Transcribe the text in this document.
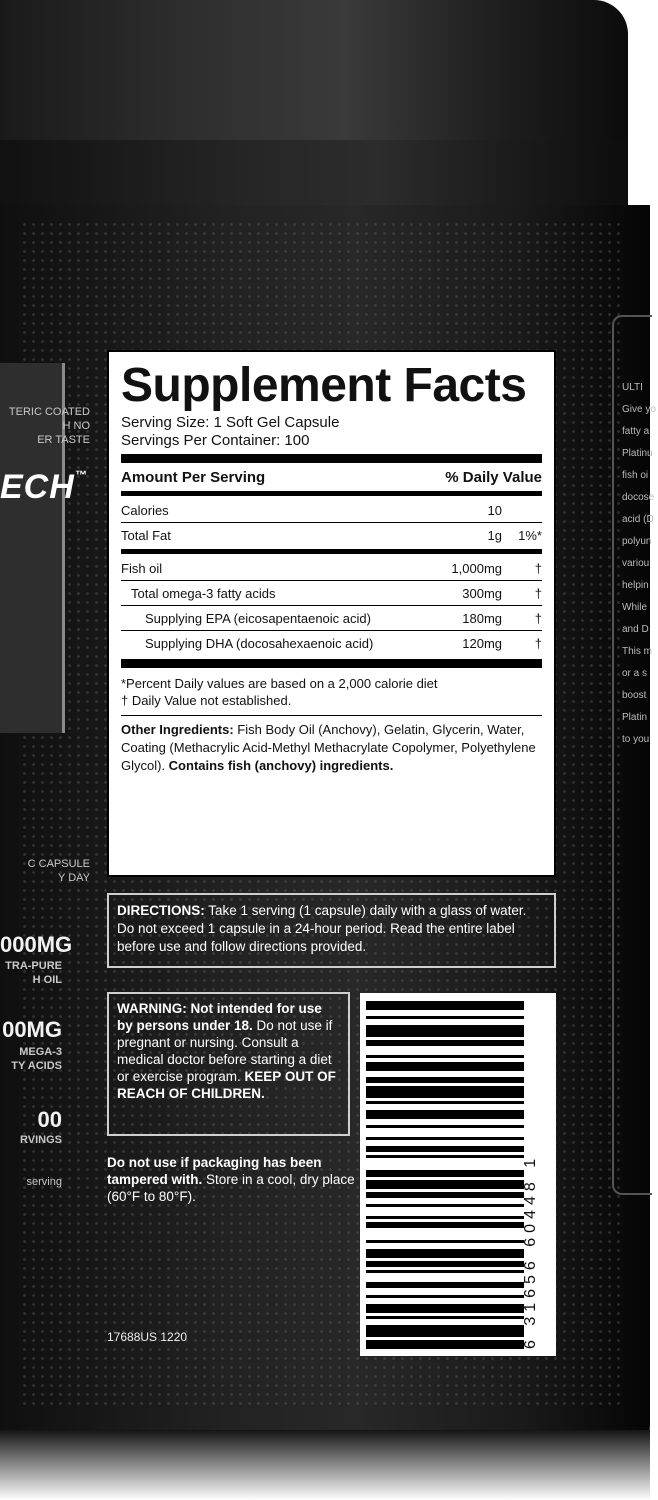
ECH™
TERIC COATED
H NO
ER TASTE
C CAPSULE
Y DAY
000MG
TRA-PURE
H OIL
00MG
MEGA-3
TY ACIDS
00
RVINGS
serving
ULTI
Give yo
fatty a
Platinu
fish oi
docose
acid (D
polyun
variou
helpin
While
and D
This m
or a s
boost
Platin
to you
Supplement Facts
Serving Size: 1 Soft Gel Capsule
Servings Per Container: 100
Amount Per Serving	% Daily Value
Calories	10
Total Fat	1g	1%*
Fish oil	1,000mg	†
Total omega-3 fatty acids	300mg	†
Supplying EPA (eicosapentaenoic acid)	180mg	†
Supplying DHA (docosahexaenoic acid)	120mg	†
*Percent Daily values are based on a 2,000 calorie diet
† Daily Value not established.
Other Ingredients: Fish Body Oil (Anchovy), Gelatin, Glycerin, Water, Coating (Methacrylic Acid-Methyl Methacrylate Copolymer, Polyethylene Glycol). Contains fish (anchovy) ingredients.
DIRECTIONS: Take 1 serving (1 capsule) daily with a glass of water. Do not exceed 1 capsule in a 24-hour period. Read the entire label before use and follow directions provided.
WARNING: Not intended for use by persons under 18. Do not use if pregnant or nursing. Consult a medical doctor before starting a diet or exercise program. KEEP OUT OF REACH OF CHILDREN.
Do not use if packaging has been tampered with. Store in a cool, dry place (60°F to 80°F).
17688US 1220	6 31656 60448 1
